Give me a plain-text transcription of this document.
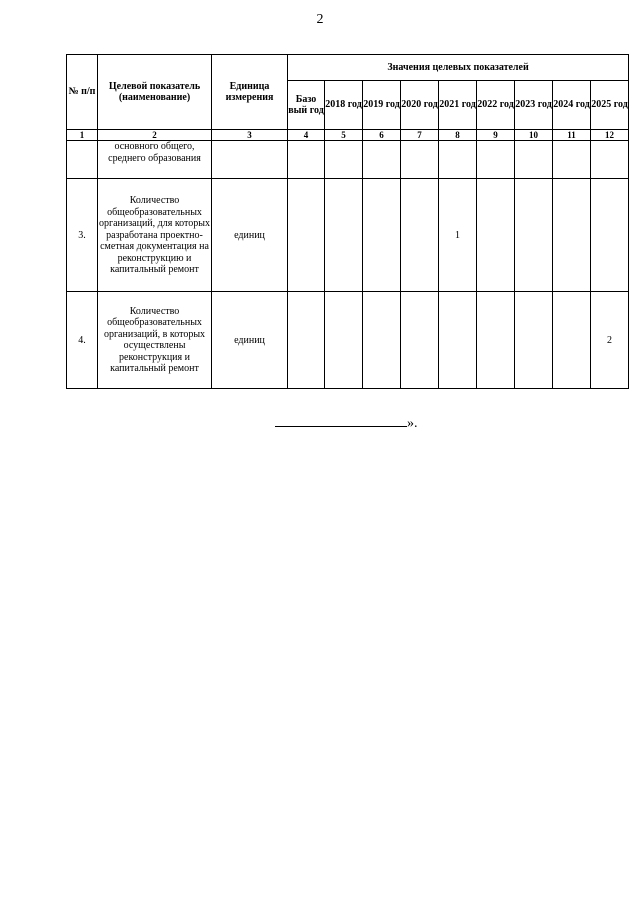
2
№ п/п	Целевой показатель (наименование)	Единица измерения	Значения целевых показателей								
			Базо вый год	2018 год	2019 год	2020 год	2021 год	2022 год	2023 год	2024 год	2025 год
1	2	3	4	5	6	7	8	9	10	11	12
	основного общего, среднего образования										
3.	Количество общеобразовательных организаций, для которых разработана проектно-сметная документация на реконструкцию и капитальный ремонт	единиц					1				
4.	Количество общеобразовательных организаций, в которых осуществлены реконструкция и капитальный ремонт	единиц									2
».
